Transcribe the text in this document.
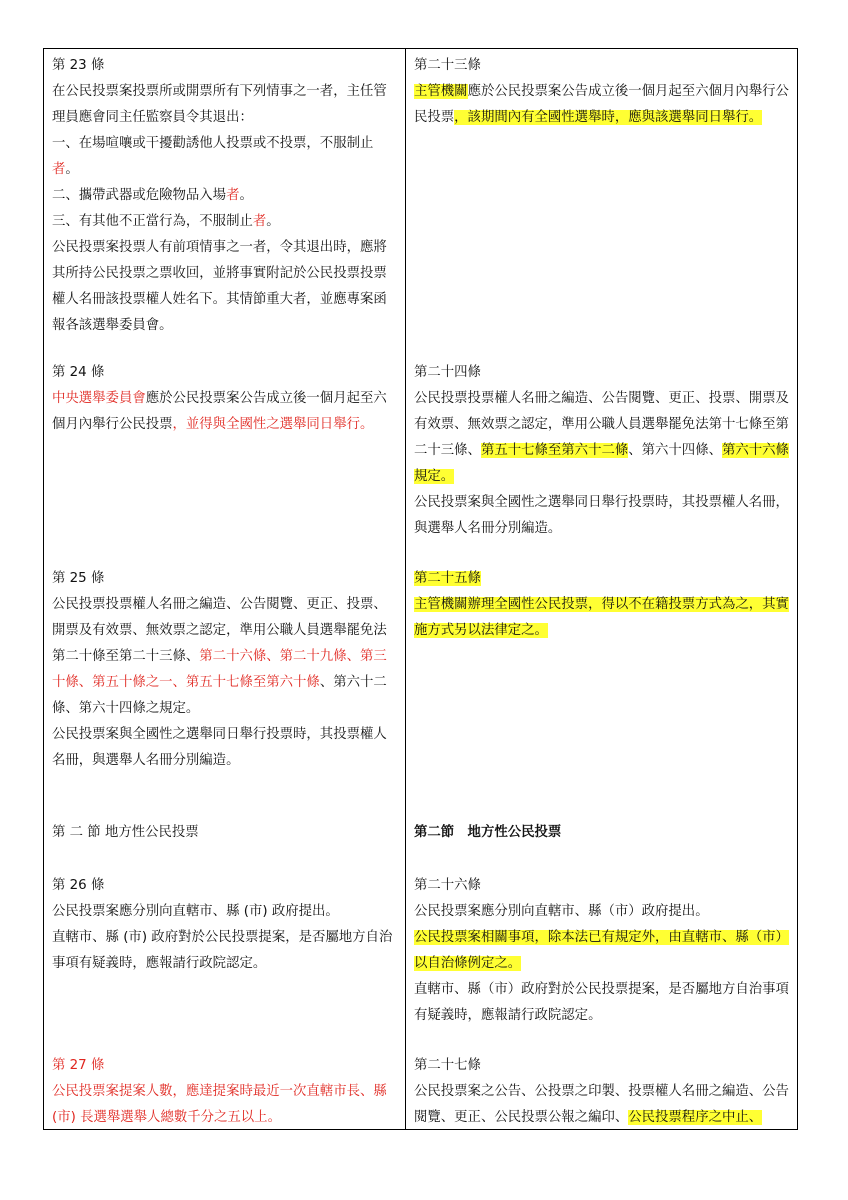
第 23 條

在公民投票案投票所或開票所有下列情事之一者，主任管理員應會同主任監察員令其退出：

一、在場喧嚷或干擾勸誘他人投票或不投票，不服制止者。

二、攜帶武器或危險物品入場者。

三、有其他不正當行為，不服制止者。

公民投票案投票人有前項情事之一者，令其退出時，應將其所持公民投票之票收回，並將事實附記於公民投票投票權人名冊該投票權人姓名下。其情節重大者，並應專案函報各該選舉委員會。

第 24 條

中央選舉委員會應於公民投票案公告成立後一個月起至六個月內舉行公民投票，並得與全國性之選舉同日舉行。

第 25 條

公民投票投票權人名冊之編造、公告閱覽、更正、投票、開票及有效票、無效票之認定，準用公職人員選舉罷免法第二十條至第二十三條、第二十六條、第二十九條、第三十條、第五十條之一、第五十七條至第六十條、第六十二條、第六十四條之規定。

公民投票案與全國性之選舉同日舉行投票時，其投票權人名冊，與選舉人名冊分別編造。

第 二 節 地方性公民投票

第 26 條

公民投票案應分別向直轄市、縣 (市) 政府提出。

直轄市、縣 (市) 政府對於公民投票提案，是否屬地方自治事項有疑義時，應報請行政院認定。

第 27 條

公民投票案提案人數，應達提案時最近一次直轄市長、縣 (市) 長選舉選舉人總數千分之五以上。

第二十三條

主管機關應於公民投票案公告成立後一個月起至六個月內舉行公民投票，該期間內有全國性選舉時，應與該選舉同日舉行。

第二十四條

公民投票投票權人名冊之編造、公告閱覽、更正、投票、開票及有效票、無效票之認定，準用公職人員選舉罷免法第十七條至第二十三條、第五十七條至第六十二條、第六十四條、第六十六條規定。

公民投票案與全國性之選舉同日舉行投票時，其投票權人名冊，與選舉人名冊分別編造。

第二十五條

主管機關辦理全國性公民投票，得以不在籍投票方式為之，其實施方式另以法律定之。

第二節　地方性公民投票

第二十六條

公民投票案應分別向直轄市、縣（市）政府提出。

公民投票案相關事項，除本法已有規定外，由直轄市、縣（市）以自治條例定之。

直轄市、縣（市）政府對於公民投票提案，是否屬地方自治事項有疑義時，應報請行政院認定。

第二十七條

公民投票案之公告、公投票之印製、投票權人名冊之編造、公告閱覽、更正、公民投票公報之編印、公民投票程序之中止、
